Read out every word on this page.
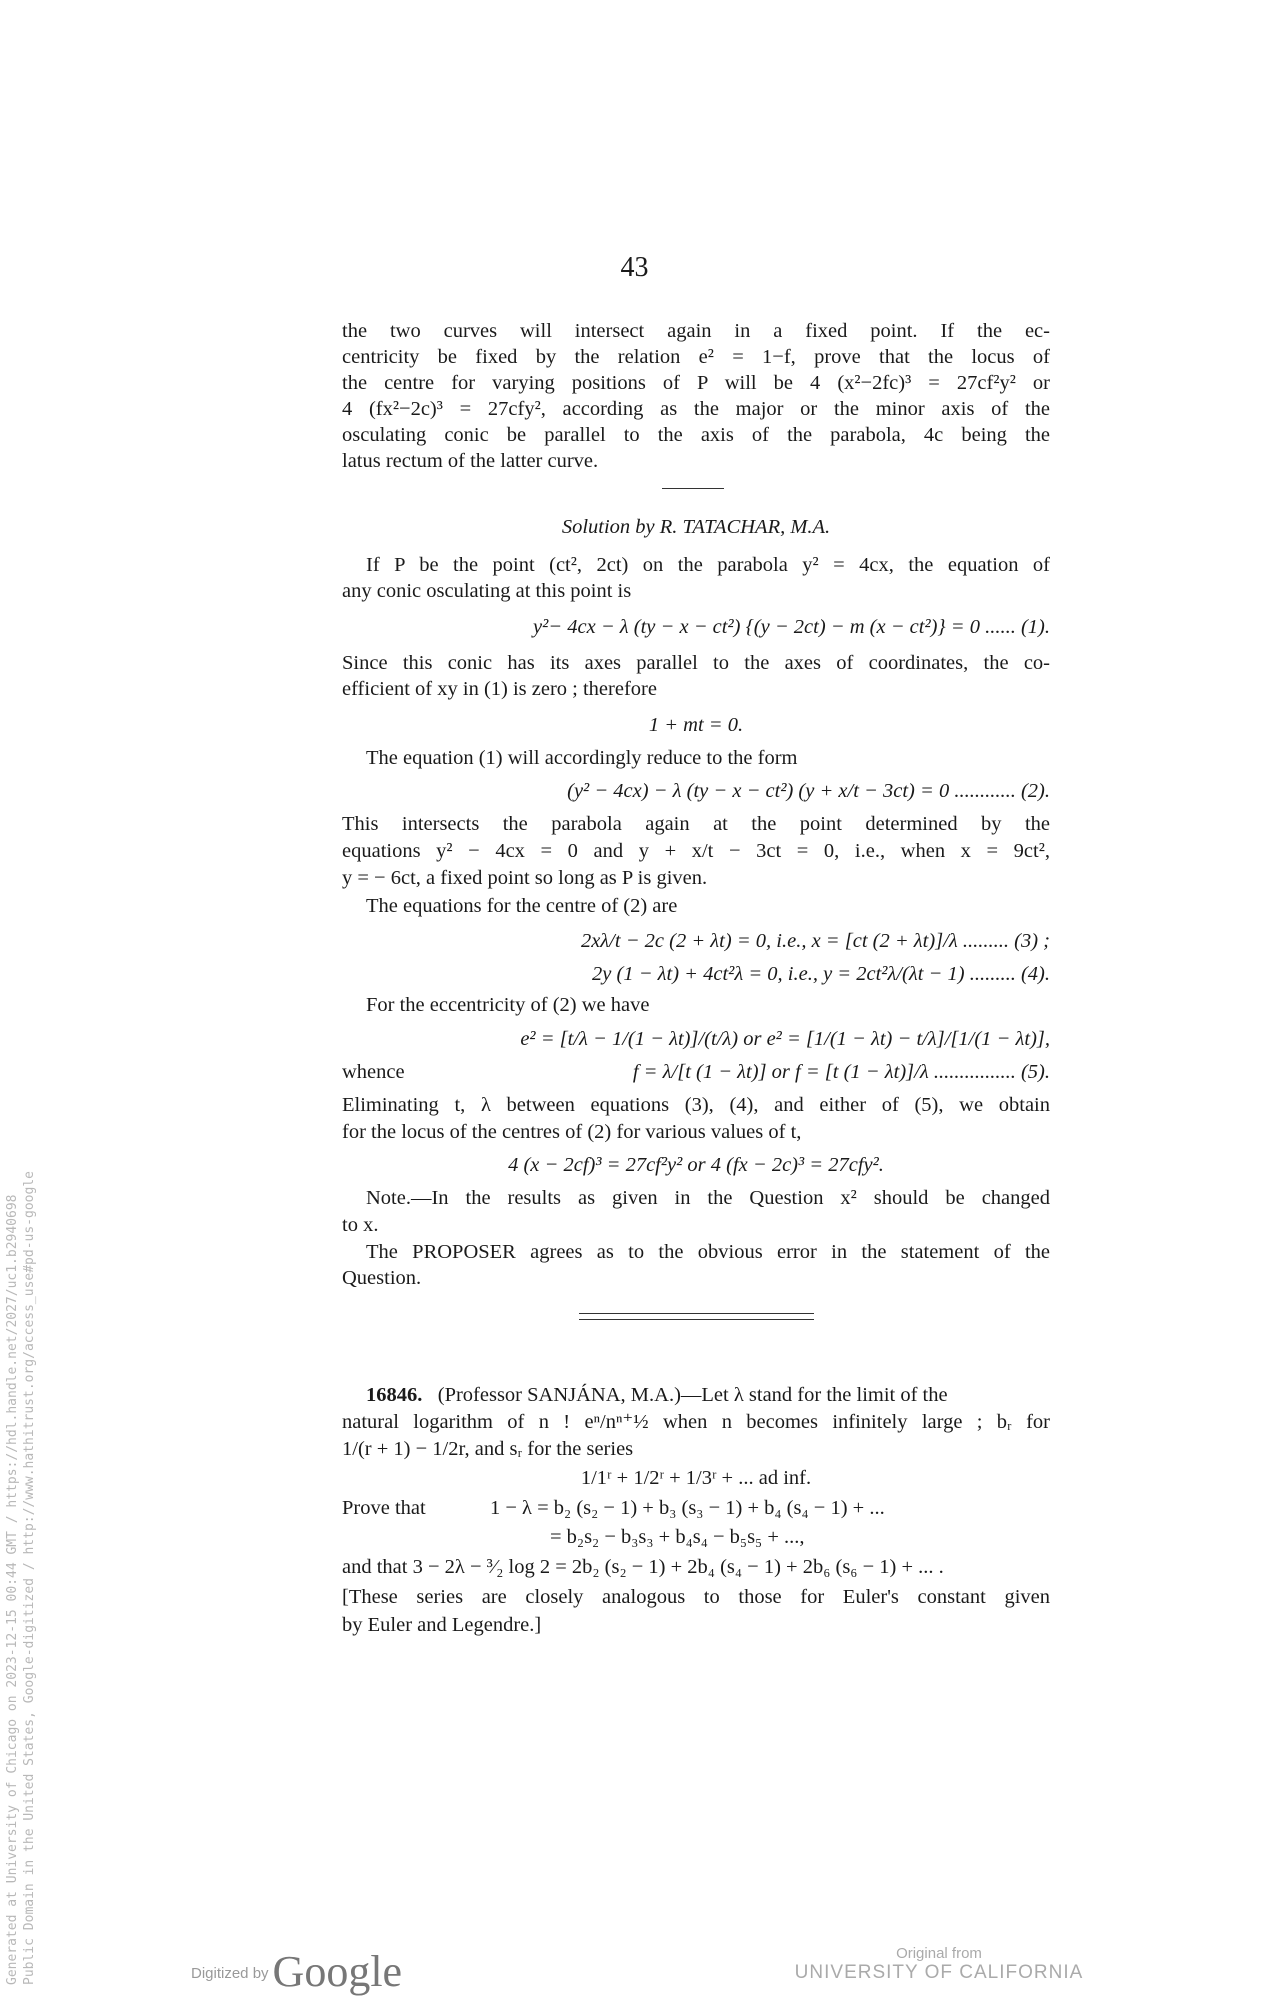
43
the two curves will intersect again in a fixed point. If the ec-
centricity be fixed by the relation e² = 1−f, prove that the locus of
the centre for varying positions of P will be 4 (x²−2fc)³ = 27cf²y² or
4 (fx²−2c)³ = 27cfy², according as the major or the minor axis of the
osculating conic be parallel to the axis of the parabola, 4c being the
latus rectum of the latter curve.
Solution by R. TATACHAR, M.A.
If P be the point (ct², 2ct) on the parabola y² = 4cx, the equation of
any conic osculating at this point is
y²− 4cx − λ (ty − x − ct²) {(y − 2ct) − m (x − ct²)} = 0 ...... (1).
Since this conic has its axes parallel to the axes of coordinates, the co-
efficient of xy in (1) is zero ; therefore
1 + mt = 0.
The equation (1) will accordingly reduce to the form
(y² − 4cx) − λ (ty − x − ct²) (y + x/t − 3ct) = 0 ............ (2).
This intersects the parabola again at the point determined by the
equations y² − 4cx = 0 and y + x/t − 3ct = 0, i.e., when x = 9ct²,
y = − 6ct, a fixed point so long as P is given.
The equations for the centre of (2) are
2xλ/t − 2c (2 + λt) = 0, i.e., x = [ct (2 + λt)]/λ ......... (3) ;
2y (1 − λt) + 4ct²λ = 0, i.e., y = 2ct²λ/(λt − 1) ......... (4).
For the eccentricity of (2) we have
e² = [t/λ − 1/(1 − λt)]/(t/λ) or e² = [1/(1 − λt) − t/λ]/[1/(1 − λt)],
whence	f = λ/[t (1 − λt)] or f = [t (1 − λt)]/λ ................ (5).
Eliminating t, λ between equations (3), (4), and either of (5), we obtain
for the locus of the centres of (2) for various values of t,
4 (x − 2cf)³ = 27cf²y² or 4 (fx − 2c)³ = 27cfy².
Note.—In the results as given in the Question x² should be changed
to x.
The PROPOSER agrees as to the obvious error in the statement of the
Question.
16846. (Professor SANJÁNA, M.A.)—Let λ stand for the limit of the
natural logarithm of n ! eⁿ/nⁿ⁺½ when n becomes infinitely large ; bᵣ for
1/(r + 1) − 1/2r, and sᵣ for the series
1/1ʳ + 1/2ʳ + 1/3ʳ + ... ad inf.
Prove that	1 − λ = b₂ (s₂ − 1) + b₃ (s₃ − 1) + b₄ (s₄ − 1) + ...
= b₂s₂ − b₃s₃ + b₄s₄ − b₅s₅ + ...,
and that 3 − 2λ − ³⁄₂ log 2 = 2b₂ (s₂ − 1) + 2b₄ (s₄ − 1) + 2b₆ (s₆ − 1) + ... .
[These series are closely analogous to those for Euler's constant given
by Euler and Legendre.]
Generated at University of Chicago on 2023-12-15 00:44 GMT / https://hdl.handle.net/2027/uc1.b2940698 Public Domain in the United States, Google-digitized / http://www.hathitrust.org/access_use#pd-us-google	Digitized byGoogle	Original from
UNIVERSITY OF CALIFORNIA
